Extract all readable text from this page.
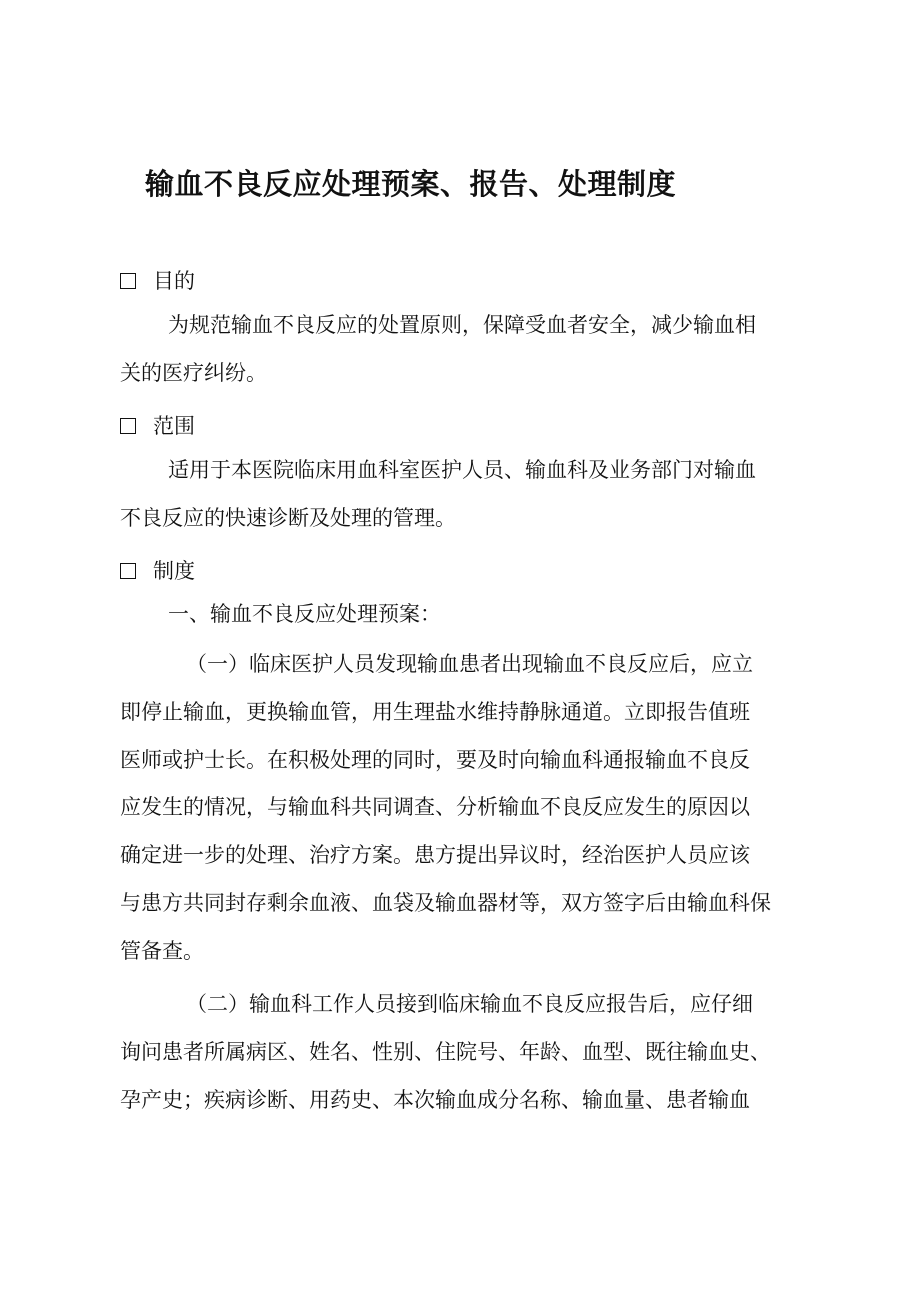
输血不良反应处理预案、报告、处理制度
目的
为规范输血不良反应的处置原则，保障受血者安全，减少输血相
关的医疗纠纷。
范围
适用于本医院临床用血科室医护人员、输血科及业务部门对输血
不良反应的快速诊断及处理的管理。
制度
一、输血不良反应处理预案：
（一）临床医护人员发现输血患者出现输血不良反应后，应立
即停止输血，更换输血管，用生理盐水维持静脉通道。立即报告值班
医师或护士长。在积极处理的同时，要及时向输血科通报输血不良反
应发生的情况，与输血科共同调查、分析输血不良反应发生的原因以
确定进一步的处理、治疗方案。患方提出异议时，经治医护人员应该
与患方共同封存剩余血液、血袋及输血器材等，双方签字后由输血科保
管备查。
（二）输血科工作人员接到临床输血不良反应报告后，应仔细
询问患者所属病区、姓名、性别、住院号、年龄、血型、既往输血史、
孕产史；疾病诊断、用药史、本次输血成分名称、输血量、患者输血
